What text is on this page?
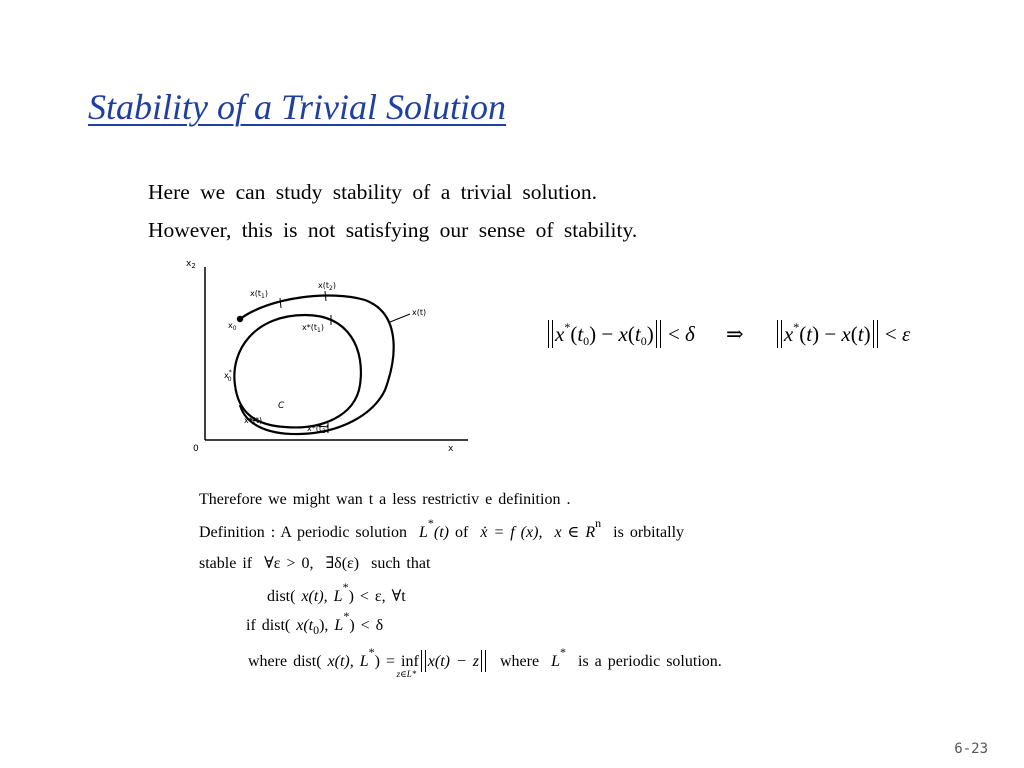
Stability of a Trivial Solution
Here we can study stability of a trivial solution.
However, this is not satisfying our sense of stability.
$x_2$
x
0
$x(t_1)$
$x(t_2)$
x(t)
$x_0$	$x*(t_1)$
x* 0
C
x*(t)
$x*(t_2)$
x*(t0) − x(t0) < δ ⇒ x*(t) − x(t) < ε
Therefore we might wan t a less restrictiv e definition .
Definition : A periodic solution L*(t) of ẋ = f (x), x ∈ $R^n$  is orbitally
stable if ∀ε > 0, ∃δ(ε) such that
dist( x(t), L*) < ε, ∀t
if dist( $x(t_0)$, L*) < δ
where dist( x(t), L*) = inf
z∈L*
x(t) − z where L*  is a periodic solution.
6-23
